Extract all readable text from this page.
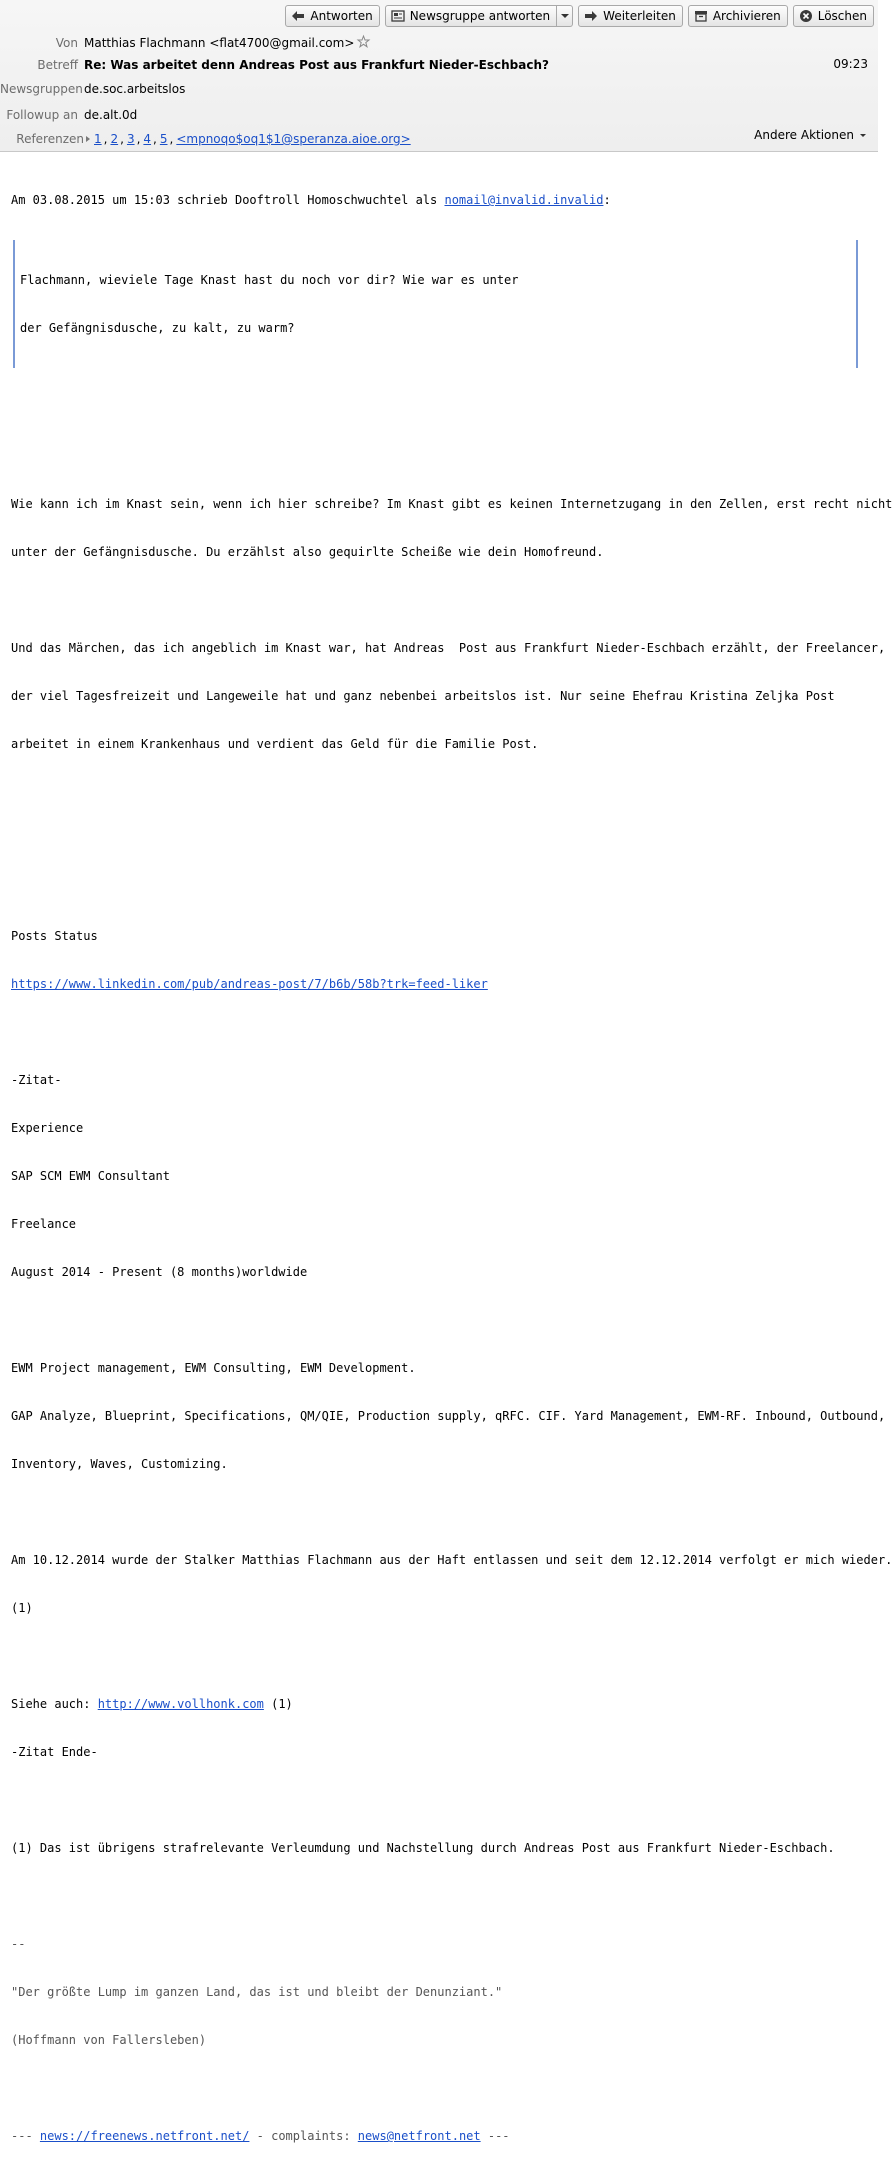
Antworten	Newsgruppe antworten	Weiterleiten	Archivieren	Löschen
Von Matthias Flachmann <flat4700@gmail.com>
Betreff Re: Was arbeitet denn Andreas Post aus Frankfurt Nieder-Eschbach?	09:23
Newsgruppen de.soc.arbeitslos
Followup an de.alt.0d
Referenzen 1 , 2 , 3 , 4 , 5 , <mpnoqo$oq1$1@speranza.aioe.org>	Andere Aktionen

Am 03.08.2015 um 15:03 schrieb Dooftroll Homoschwuchtel als nomail@invalid.invalid:

Flachmann, wieviele Tage Knast hast du noch vor dir? Wie war es unter

der Gefängnisdusche, zu kalt, zu warm?

Wie kann ich im Knast sein, wenn ich hier schreibe? Im Knast gibt es keinen Internetzugang in den Zellen, erst recht nicht

unter der Gefängnisdusche. Du erzählst also gequirlte Scheiße wie dein Homofreund.

Und das Märchen, das ich angeblich im Knast war, hat Andreas  Post aus Frankfurt Nieder-Eschbach erzählt, der Freelancer,

der viel Tagesfreizeit und Langeweile hat und ganz nebenbei arbeitslos ist. Nur seine Ehefrau Kristina Zeljka Post

arbeitet in einem Krankenhaus und verdient das Geld für die Familie Post.

Posts Status

https://www.linkedin.com/pub/andreas-post/7/b6b/58b?trk=feed-liker

-Zitat-

Experience

SAP SCM EWM Consultant

Freelance

August 2014 - Present (8 months)worldwide

EWM Project management, EWM Consulting, EWM Development.

GAP Analyze, Blueprint, Specifications, QM/QIE, Production supply, qRFC. CIF. Yard Management, EWM-RF. Inbound, Outbound,

Inventory, Waves, Customizing.

Am 10.12.2014 wurde der Stalker Matthias Flachmann aus der Haft entlassen und seit dem 12.12.2014 verfolgt er mich wieder.

(1)

Siehe auch: http://www.vollhonk.com (1)

-Zitat Ende-

(1) Das ist übrigens strafrelevante Verleumdung und Nachstellung durch Andreas Post aus Frankfurt Nieder-Eschbach.

--

"Der größte Lump im ganzen Land, das ist und bleibt der Denunziant."

(Hoffmann von Fallersleben)

--- news://freenews.netfront.net/ - complaints: news@netfront.net ---
